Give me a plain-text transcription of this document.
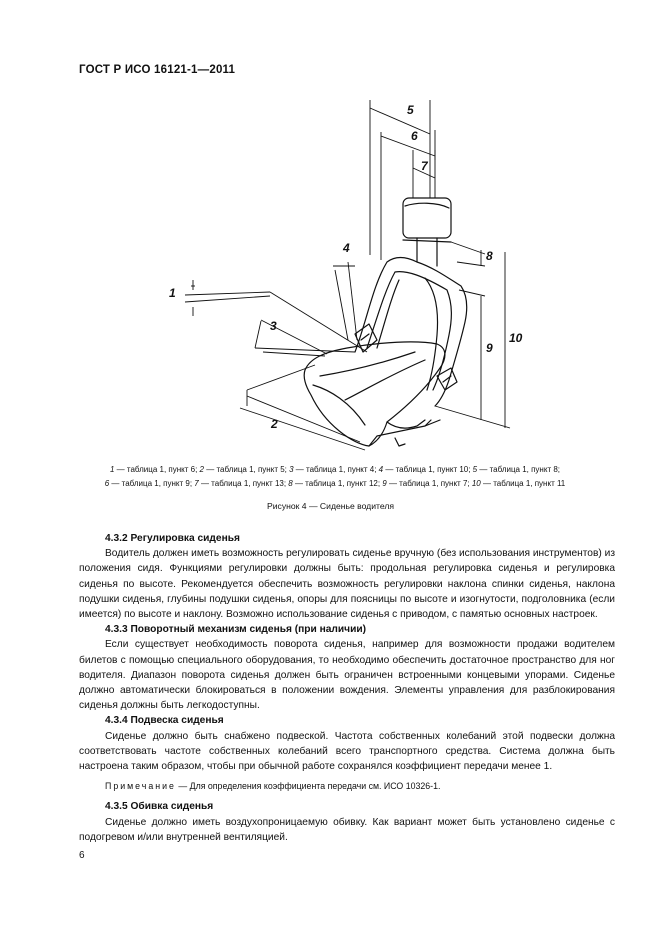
ГОСТ Р ИСО 16121-1—2011
1
2
3
4
5
6
7
8
9
10
1 — таблица 1, пункт 6; 2 — таблица 1, пункт 5; 3 — таблица 1, пункт 4; 4 — таблица 1, пункт 10; 5 — таблица 1, пункт 8;
6 — таблица 1, пункт 9; 7 — таблица 1, пункт 13; 8 — таблица 1, пункт 12; 9 — таблица 1, пункт 7; 10 — таблица 1, пункт 11
Рисунок 4 — Сиденье водителя

4.3.2 Регулировка сиденья

Водитель должен иметь возможность регулировать сиденье вручную (без использования инструментов) из положения сидя. Функциями регулировки должны быть: продольная регулировка сиденья и регулировка сиденья по высоте. Рекомендуется обеспечить возможность регулировки наклона спинки сиденья, наклона подушки сиденья, глубины подушки сиденья, опоры для поясницы по высоте и изогнутости, подголовника (если имеется) по высоте и наклону. Возможно использование сиденья с приводом, с памятью основных настроек.

4.3.3 Поворотный механизм сиденья (при наличии)

Если существует необходимость поворота сиденья, например для возможности продажи водителем билетов с помощью специального оборудования, то необходимо обеспечить достаточное пространство для ног водителя. Диапазон поворота сиденья должен быть ограничен встроенными концевыми упорами. Сиденье должно автоматически блокироваться в положении вождения. Элементы управления для разблокирования сиденья должны быть легкодоступны.

4.3.4 Подвеска сиденья

Сиденье должно быть снабжено подвеской. Частота собственных колебаний этой подвески должна соответствовать частоте собственных колебаний всего транспортного средства. Система должна быть настроена таким образом, чтобы при обычной работе сохранялся коэффициент передачи менее 1.

Примечание — Для определения коэффициента передачи см. ИСО 10326-1.

4.3.5 Обивка сиденья

Сиденье должно иметь воздухопроницаемую обивку. Как вариант может быть установлено сиденье с подогревом и/или внутренней вентиляцией.

6
